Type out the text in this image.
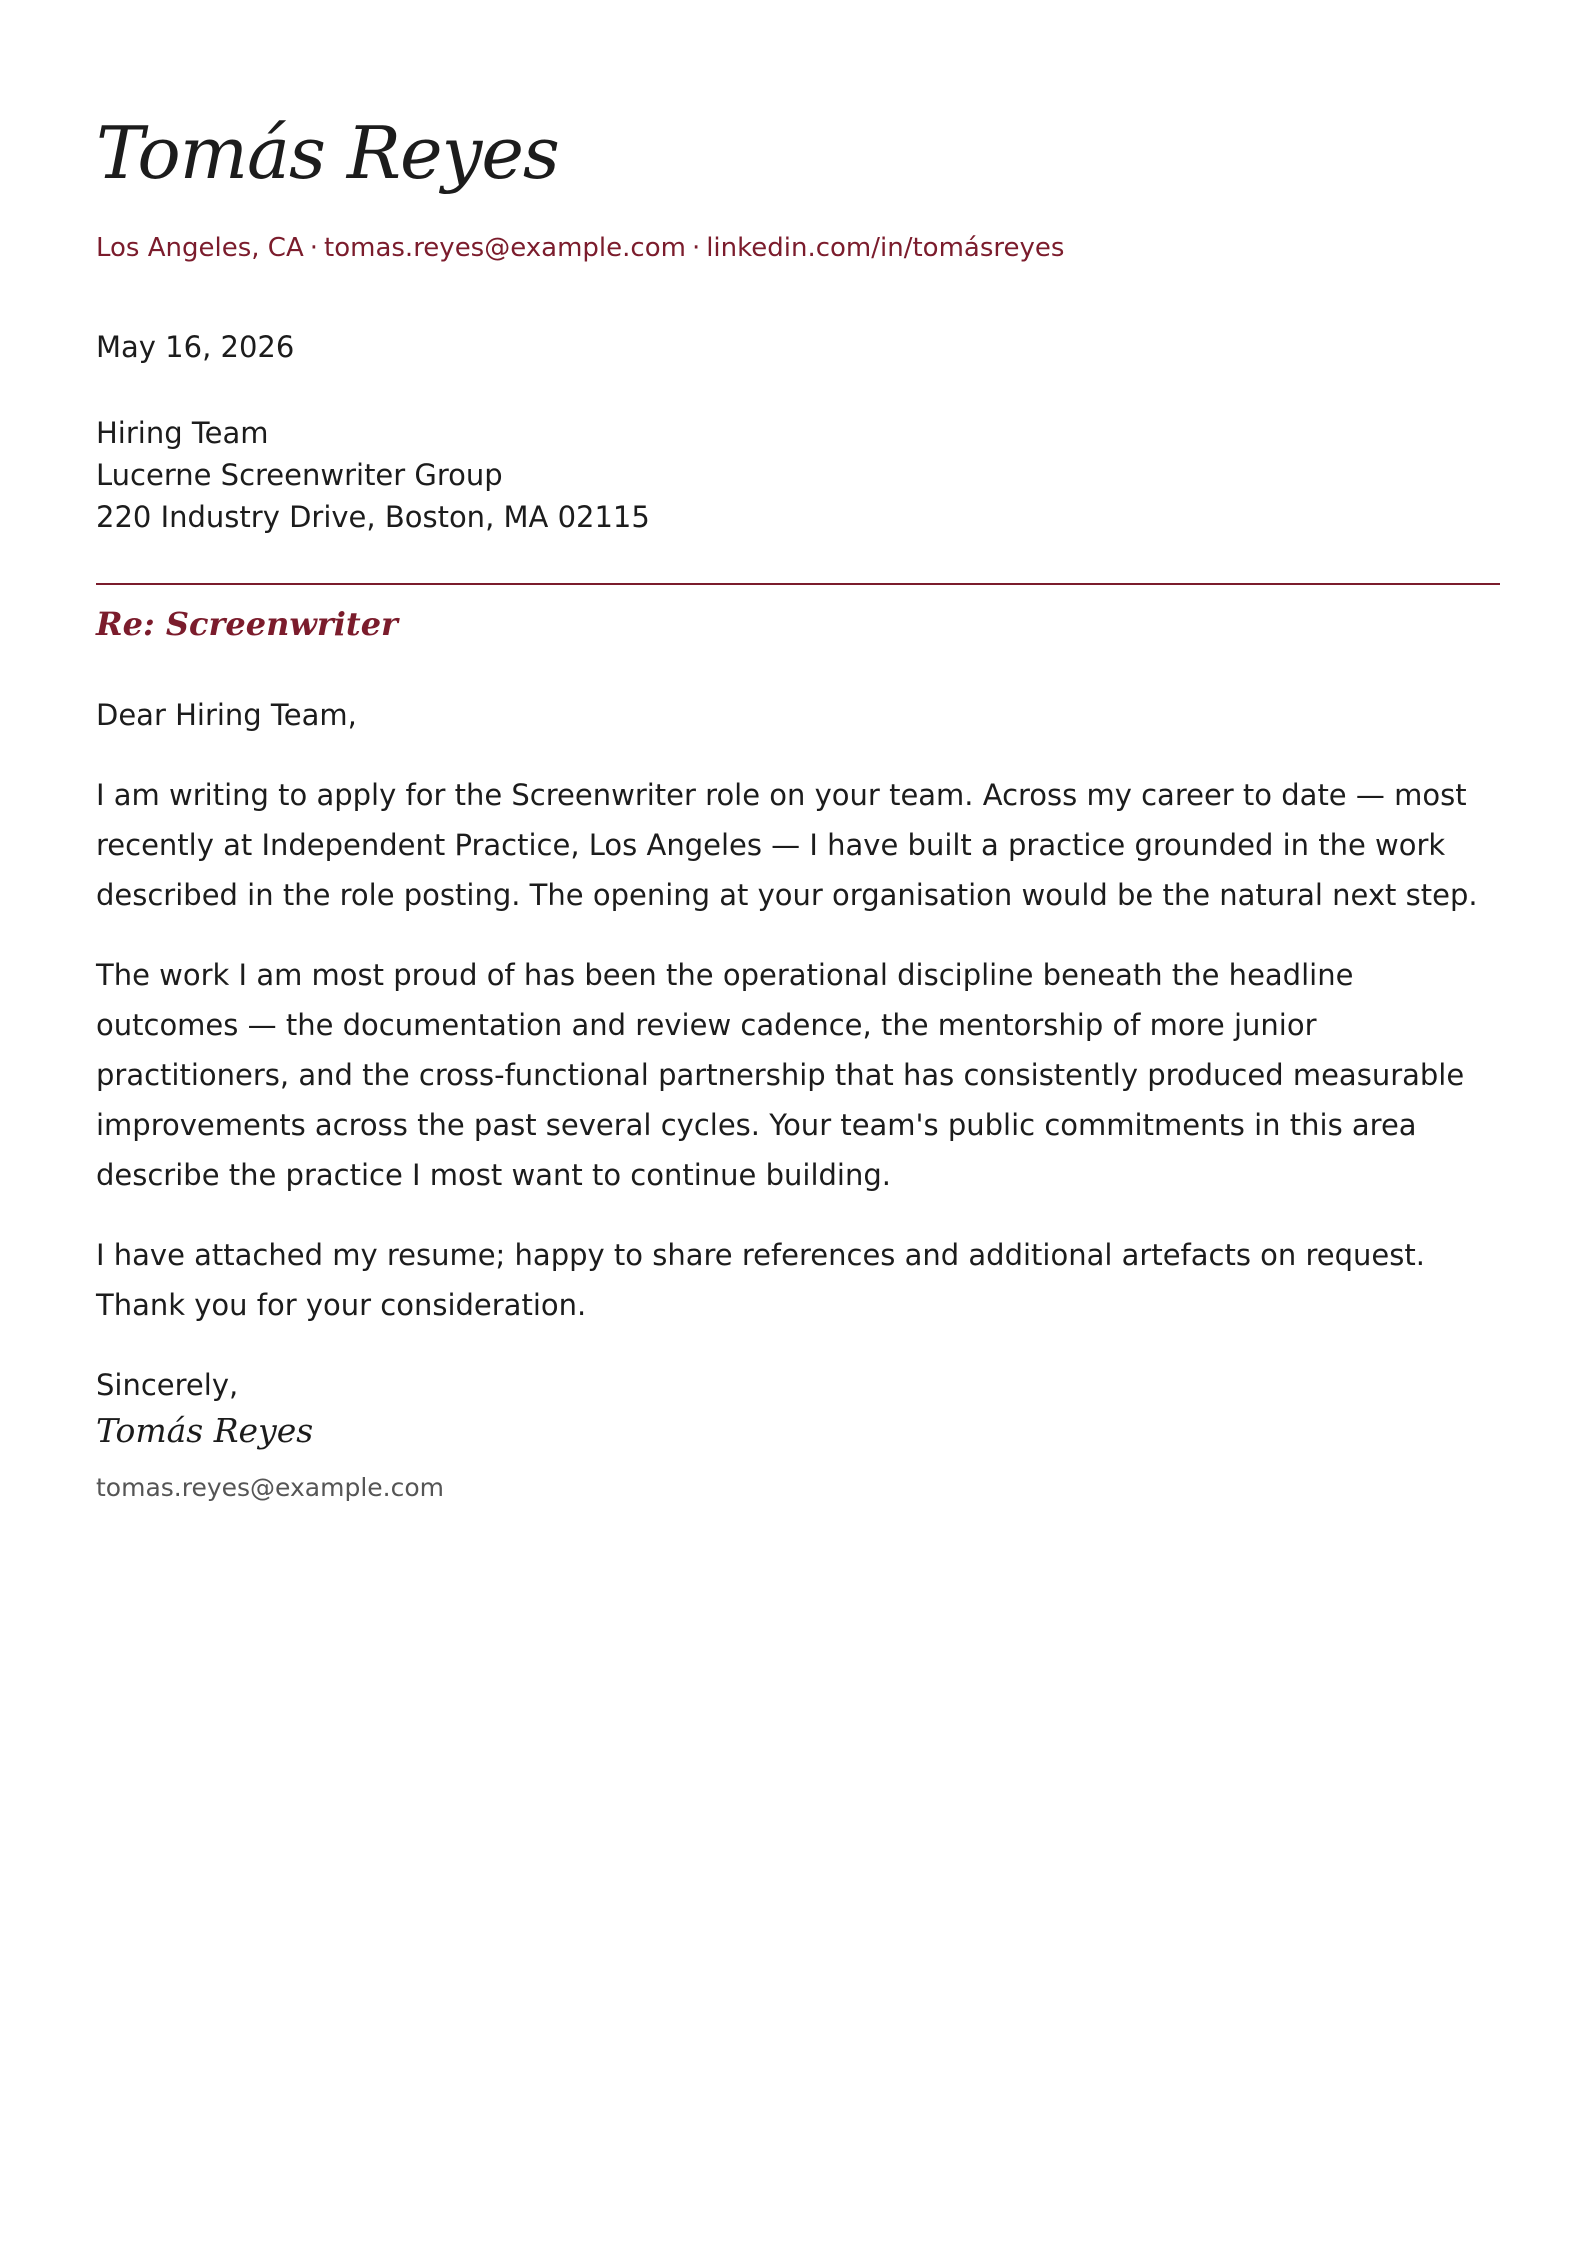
Tomás Reyes
Los Angeles, CA · tomas.reyes@example.com · linkedin.com/in/tomásreyes
May 16, 2026
Hiring Team
Lucerne Screenwriter Group
220 Industry Drive, Boston, MA 02115
Re: Screenwriter

Dear Hiring Team,

I am writing to apply for the Screenwriter role on your team. Across my career to date — most recently at Independent Practice, Los Angeles — I have built a practice grounded in the work described in the role posting. The opening at your organisation would be the natural next step.

The work I am most proud of has been the operational discipline beneath the headline outcomes — the documentation and review cadence, the mentorship of more junior practitioners, and the cross-functional partnership that has consistently produced measurable improvements across the past several cycles. Your team's public commitments in this area describe the practice I most want to continue building.

I have attached my resume; happy to share references and additional artefacts on request. Thank you for your consideration.

Sincerely,

Tomás Reyes
tomas.reyes@example.com
